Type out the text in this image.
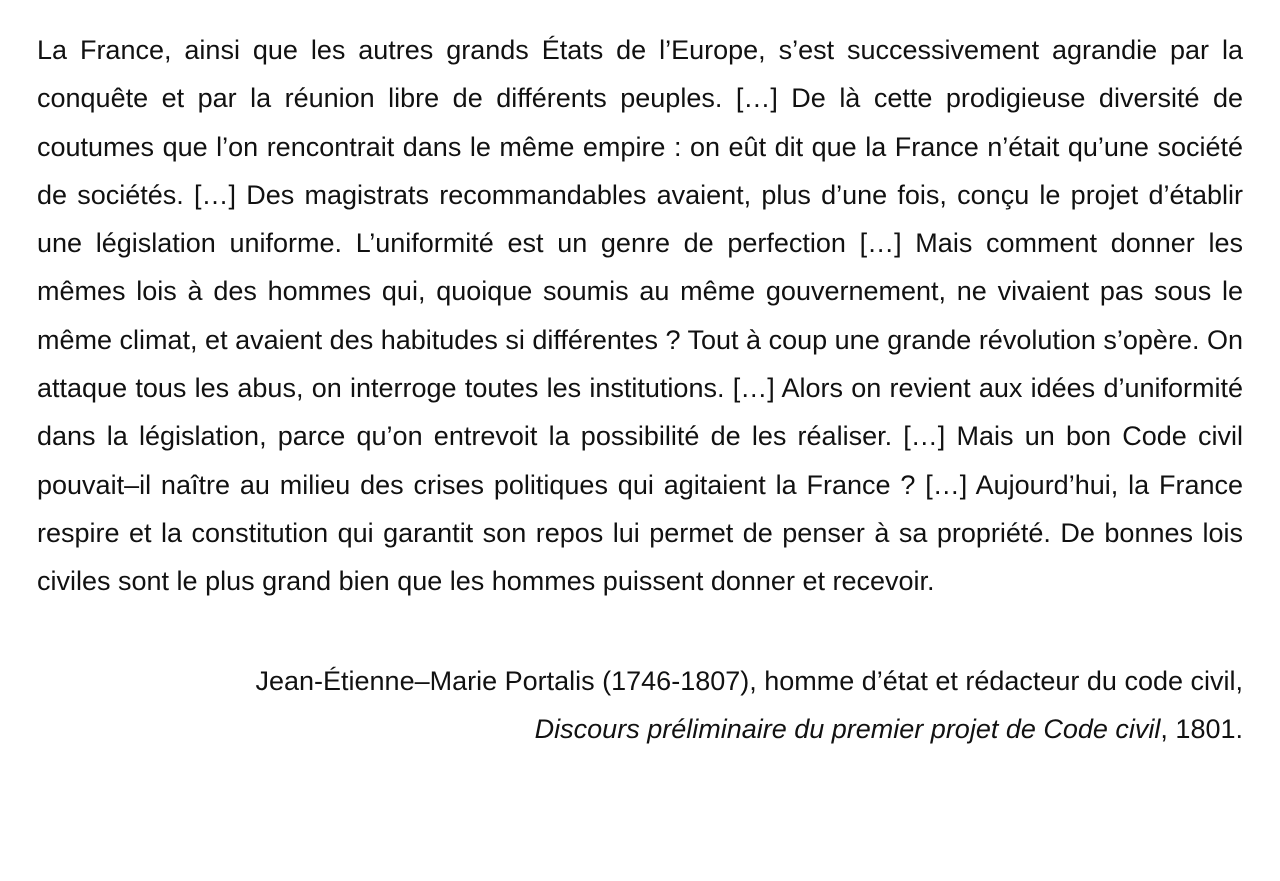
La France, ainsi que les autres grands États de l’Europe, s’est successivement agrandie par la conquête et par la réunion libre de différents peuples. […] De là cette prodigieuse diversité de coutumes que l’on rencontrait dans le même empire : on eût dit que la France n’était qu’une société de sociétés. […] Des magistrats recommandables avaient, plus d’une fois, conçu le projet d’établir une législation uniforme. L’uniformité est un genre de perfection […] Mais comment donner les mêmes lois à des hommes qui, quoique soumis au même gouvernement, ne vivaient pas sous le même climat, et avaient des habitudes si différentes ? Tout à coup une grande révolution s’opère. On attaque tous les abus, on interroge toutes les institutions. […] Alors on revient aux idées d’uniformité dans la législation, parce qu’on entrevoit la possibilité de les réaliser. […] Mais un bon Code civil pouvait–il naître au milieu des crises politiques qui agitaient la France ? […] Aujourd’hui, la France respire et la constitution qui garantit son repos lui permet de penser à sa propriété. De bonnes lois civiles sont le plus grand bien que les hommes puissent donner et recevoir.

Jean-Étienne–Marie Portalis (1746-1807), homme d’état et rédacteur du code civil,
Discours préliminaire du premier projet de Code civil, 1801.
